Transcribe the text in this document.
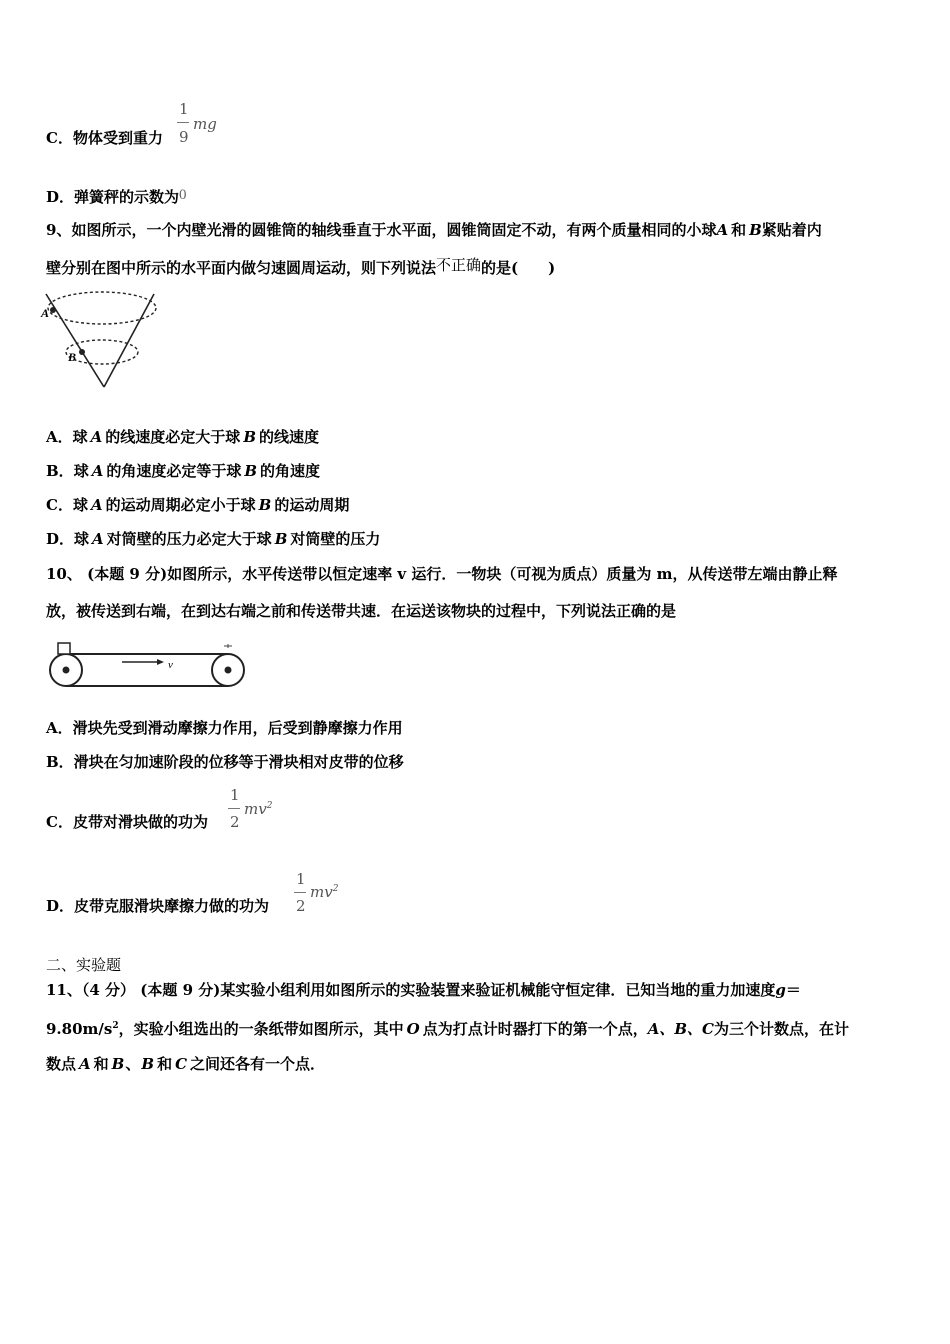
C．物体受到重力
1
9
mg
D．弹簧秤的示数为0
9、如图所示，一个内壁光滑的圆锥筒的轴线垂直于水平面，圆锥筒固定不动，有两个质量相同的小球A 和 B紧贴着内
壁分别在图中所示的水平面内做匀速圆周运动，则下列说法不正确的是(　　)
A
B
A．球 A 的线速度必定大于球 B 的线速度
B．球 A 的角速度必定等于球 B 的角速度
C．球 A 的运动周期必定小于球 B 的运动周期
D．球 A 对筒壁的压力必定大于球 B 对筒壁的压力
10、 (本题 9 分)如图所示，水平传送带以恒定速率 v 运行．一物块（可视为质点）质量为 m，从传送带左端由静止释
放，被传送到右端，在到达右端之前和传送带共速．在运送该物块的过程中，下列说法正确的是
v
A．滑块先受到滑动摩擦力作用，后受到静摩擦力作用
B．滑块在匀加速阶段的位移等于滑块相对皮带的位移
C．皮带对滑块做的功为
1
2
$mv^2$
D．皮带克服滑块摩擦力做的功为
1
2
$mv^2$
二、实验题
11、（4 分） (本题 9 分)某实验小组利用如图所示的实验装置来验证机械能守恒定律．已知当地的重力加速度g＝
$9.80m/s^2$，实验小组选出的一条纸带如图所示，其中 O 点为打点计时器打下的第一个点，A、B、C为三个计数点，在计
数点 A 和 B、B 和 C 之间还各有一个点．
